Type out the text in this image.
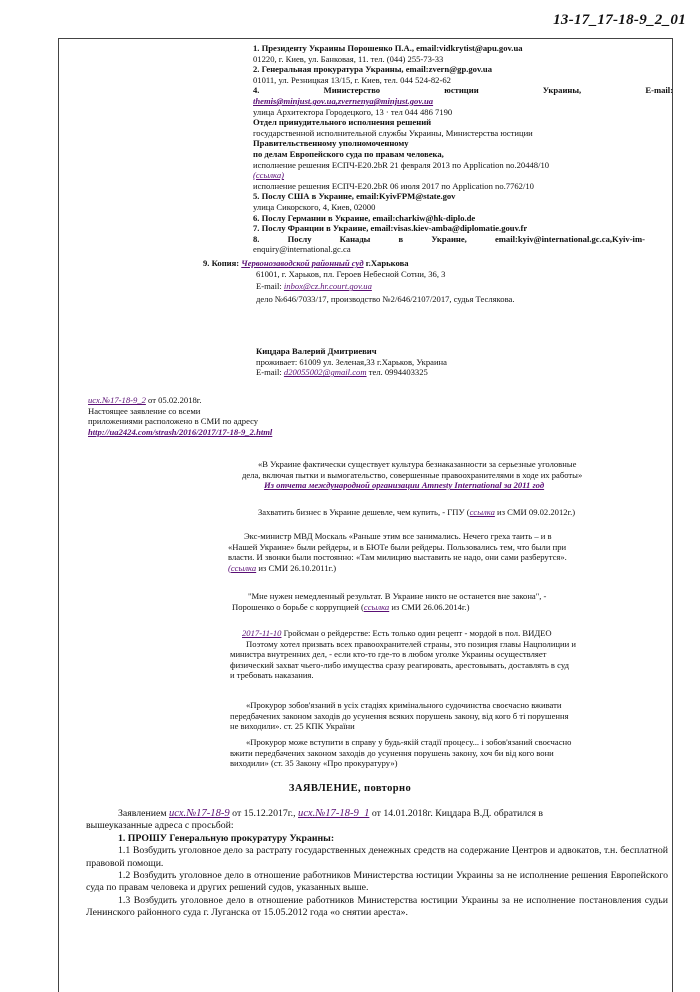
13-17_17-18-9_2_01
1. Президенту Украины Порошенко П.А., email:vidkrytist@apu.gov.ua
01220, г. Киев, ул. Банковая, 11. тел. (044) 255-73-33
2. Генеральная прокуратура Украины, email:zvern@gp.gov.ua
01011, ул. Резницкая 13/15, г. Киев, тел. 044 524-82-62
4. Министерство юстиции Украины, E-mail:
themis@minjust.gov.ua,zvernenya@minjust.gov.ua
улица Архитектора Городецкого, 13 · тел 044 486 7190
Отдел принудительного исполнения решений
государственной исполнительной службы Украины, Министерства юстиции
Правительственному уполномоченному
по делам Европейского суда по правам человека,
исполнение решения ЕСПЧ-Е20.2bR 21 февраля 2013 по Application no.20448/10
(ссылка)
исполнение решения ЕСПЧ-Е20.2bR 06 июля 2017 по Application no.7762/10
5. Послу США в Украине, email:KyivFPM@state.gov
улица Сикорского, 4, Киев, 02000
6. Послу Германии в Украине, email:charkiw@hk-diplo.de
7. Послу Франции в Украине, email:visas.kiev-amba@diplomatie.gouv.fr
8. Послу Канады в Украине, email:kyiv@international.gc.ca,Kyiv-im-
enquiry@international.gc.ca
9. Копия: Червонозаводской районный суд г.Харькова
61001, г. Харьков, пл. Героев Небесной Сотни, 36, 3
E-mail: inbox@cz.hr.court.gov.ua
дело №646/7033/17, производство №2/646/2107/2017, судья Теслякова.
Кицдара Валерий Дмитриевич
проживает: 61009 ул. Зеленая,33 г.Харьков, Украина
E-mail: d20055002@gmail.com тел. 0994403325
исх.№17-18-9_2 от 05.02.2018г.
Настоящее заявление со всеми
приложениями расположено в СМИ по адресу
http://ua2424.com/strash/2016/2017/17-18-9_2.html
«В Украине фактически существует культура безнаказанности за серьезные уголовные
дела, включая пытки и вымогательство, совершенные правоохранителями в ходе их работы»
Из отчета международной организации Amnesty International за 2011 год
Захватить бизнес в Украине дешевле, чем купить, - ГПУ (ссылка из СМИ 09.02.2012г.)
Экс-министр МВД Москаль «Раньше этим все занимались. Нечего греха таить – и в
«Нашей Украине» были рейдеры, и в БЮТе были рейдеры. Пользовались тем, что были при
власти. И звонки были постоянно: «Там милицию выставить не надо, они сами разберутся».
(ссылка из СМИ 26.10.2011г.)
"Мне нужен немедленный результат. В Украине никто не останется вне закона", -
Порошенко о борьбе с коррупцией (ссылка из СМИ 26.06.2014г.)
2017-11-10 Гройсман о рейдерстве: Есть только один рецепт - мордой в пол. ВИДЕО
Поэтому хотел призвать всех правоохранителей страны, это позиция главы Нацполиции и
министра внутренних дел, - если кто-то где-то в любом уголке Украины осуществляет
физический захват чьего-либо имущества сразу реагировать, арестовывать, доставлять в суд
и требовать наказания.
«Прокурор зобов'язаний в усіх стадіях кримінального судочинства своєчасно вживати
передбачених законом заходів до усунення всяких порушень закону, від кого б ті порушення
не виходили». ст. 25 КПК України
«Прокурор може вступити в справу у будь-якій стадії процесу... і зобов'язаний своєчасно
вжити передбачених законом заходів до усунення порушень закону, хоч би від кого вони
виходили» (ст. 35 Закону «Про прокуратуру»)
ЗАЯВЛЕНИЕ, повторно

Заявлением исх.№17-18-9 от 15.12.2017г., исх.№17-18-9_1 от 14.01.2018г. Кицдара В.Д. обратился в

вышеуказанные адреса с просьбой:

1. ПРОШУ Генеральную прокуратуру Украины:

1.1 Возбудить уголовное дело за растрату государственных денежных средств на содержание Центров и адвокатов, т.н. бесплатной правовой помощи.

1.2 Возбудить уголовное дело в отношение работников Министерства юстиции Украины за не исполнение решения Европейского суда по правам человека и других решений судов, указанных выше.

1.3 Возбудить уголовное дело в отношение работников Министерства юстиции Украины за не исполнение постановления судьи Ленинского районного суда г. Луганска от 15.05.2012 года «о снятии ареста».
